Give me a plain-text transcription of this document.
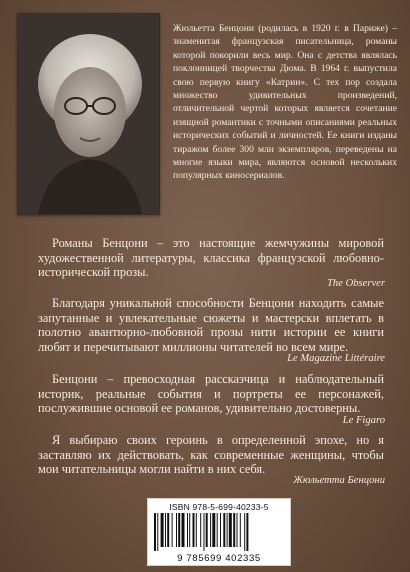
Жюльетта Бенцони (родилась в 1920 г. в Париже) – знаменитая французская писательница, романы которой покорили весь мир. Она с детства являлась поклонницей творчества Дюма. В 1964 г. выпустила свою первую книгу «Катрин». С тех пор создала множество удивительных произведений, отличительной чертой которых является сочетание изящной романтики с точными описаниями реальных исторических событий и личностей. Ее книги изданы тиражом более 300 млн экземпляров, переведены на многие языки мира, являются основой нескольких популярных киносериалов.

Романы Бенцони – это настоящие жемчужины мировой художественной литературы, классика французской любовно-исторической прозы.

The Observer

Благодаря уникальной способности Бенцони находить самые запутанные и увлекательные сюжеты и мастерски вплетать в полотно авантюрно-любовной прозы нити истории ее книги любят и перечитывают миллионы читателей во всем мире.

Le Magazine Littéraire

Бенцони – превосходная рассказчица и наблюдательный историк, реальные события и портреты ее персонажей, послужившие основой ее романов, удивительно достоверны.

Le Figaro

Я выбираю своих героинь в определенной эпохе, но я заставляю их действовать, как современные женщины, чтобы мои читательницы могли найти в них себя.

Жюльетта Бенцони

ISBN 978-5-699-40233-5
9 785699 402335
